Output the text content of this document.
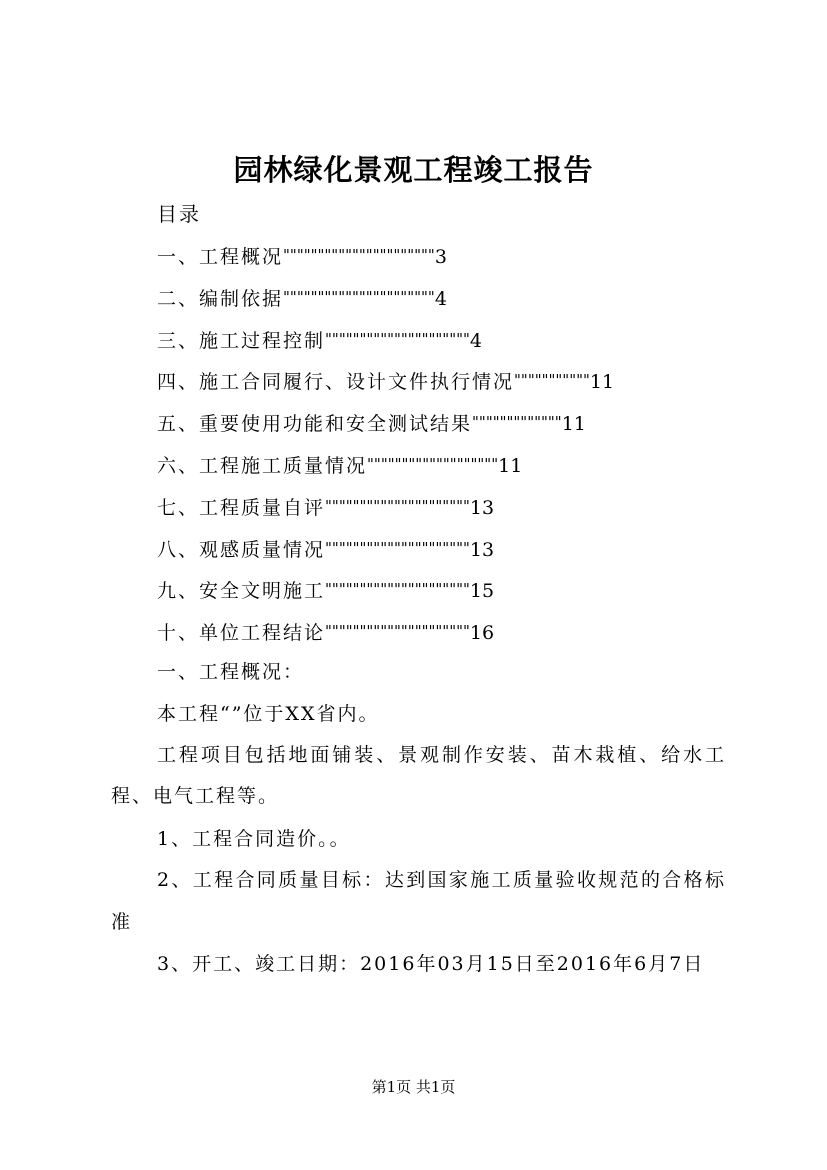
园林绿化景观工程竣工报告
目录
一、工程概况""""""""""""""""""""""3
二、编制依据""""""""""""""""""""""4
三、施工过程控制"""""""""""""""""""""4
四、施工合同履行、设计文件执行情况"""""""""""11
五、重要使用功能和安全测试结果"""""""""""""11
六、工程施工质量情况"""""""""""""""""""11
七、工程质量自评"""""""""""""""""""""13
八、观感质量情况"""""""""""""""""""""13
九、安全文明施工"""""""""""""""""""""15
十、单位工程结论"""""""""""""""""""""16

一、工程概况：

本工程“”位于XX省内。

工程项目包括地面铺装、景观制作安装、苗木栽植、给水工程、电气工程等。

1、工程合同造价。。

2、工程合同质量目标：达到国家施工质量验收规范的合格标准

3、开工、竣工日期：2016年03月15日至2016年6月7日

第1页 共1页
